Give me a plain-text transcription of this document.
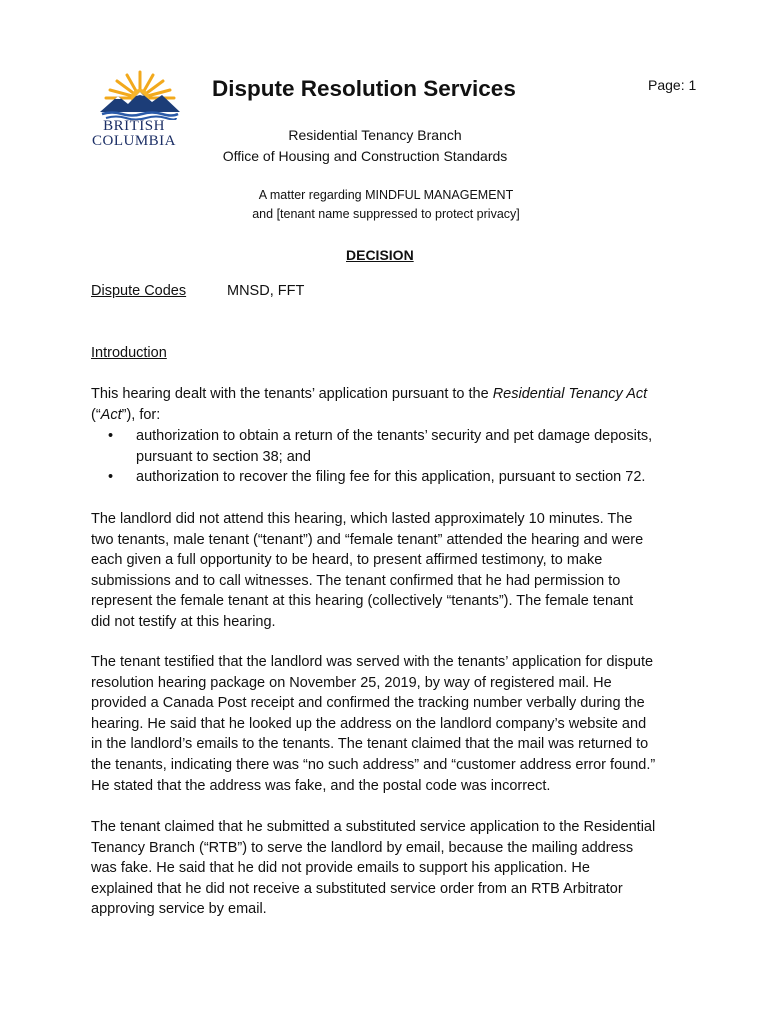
BRITISH
COLUMBIA
Dispute Resolution Services	Page: 1
Residential Tenancy Branch
Office of Housing and Construction Standards
A matter regarding MINDFUL MANAGEMENT
and [tenant name suppressed to protect privacy]
DECISION
Dispute Codes	MNSD, FFT
Introduction
This hearing dealt with the tenants’ application pursuant to the Residential Tenancy Act
(“Act”), for:
• authorization to obtain a return of the tenants’ security and pet damage deposits,
pursuant to section 38; and
• authorization to recover the filing fee for this application, pursuant to section 72.
The landlord did not attend this hearing, which lasted approximately 10 minutes. The
two tenants, male tenant (“tenant”) and “female tenant” attended the hearing and were
each given a full opportunity to be heard, to present affirmed testimony, to make
submissions and to call witnesses. The tenant confirmed that he had permission to
represent the female tenant at this hearing (collectively “tenants”). The female tenant
did not testify at this hearing.
The tenant testified that the landlord was served with the tenants’ application for dispute
resolution hearing package on November 25, 2019, by way of registered mail. He
provided a Canada Post receipt and confirmed the tracking number verbally during the
hearing. He said that he looked up the address on the landlord company’s website and
in the landlord’s emails to the tenants. The tenant claimed that the mail was returned to
the tenants, indicating there was “no such address” and “customer address error found.”
He stated that the address was fake, and the postal code was incorrect.
The tenant claimed that he submitted a substituted service application to the Residential
Tenancy Branch (“RTB”) to serve the landlord by email, because the mailing address
was fake. He said that he did not provide emails to support his application. He
explained that he did not receive a substituted service order from an RTB Arbitrator
approving service by email.
